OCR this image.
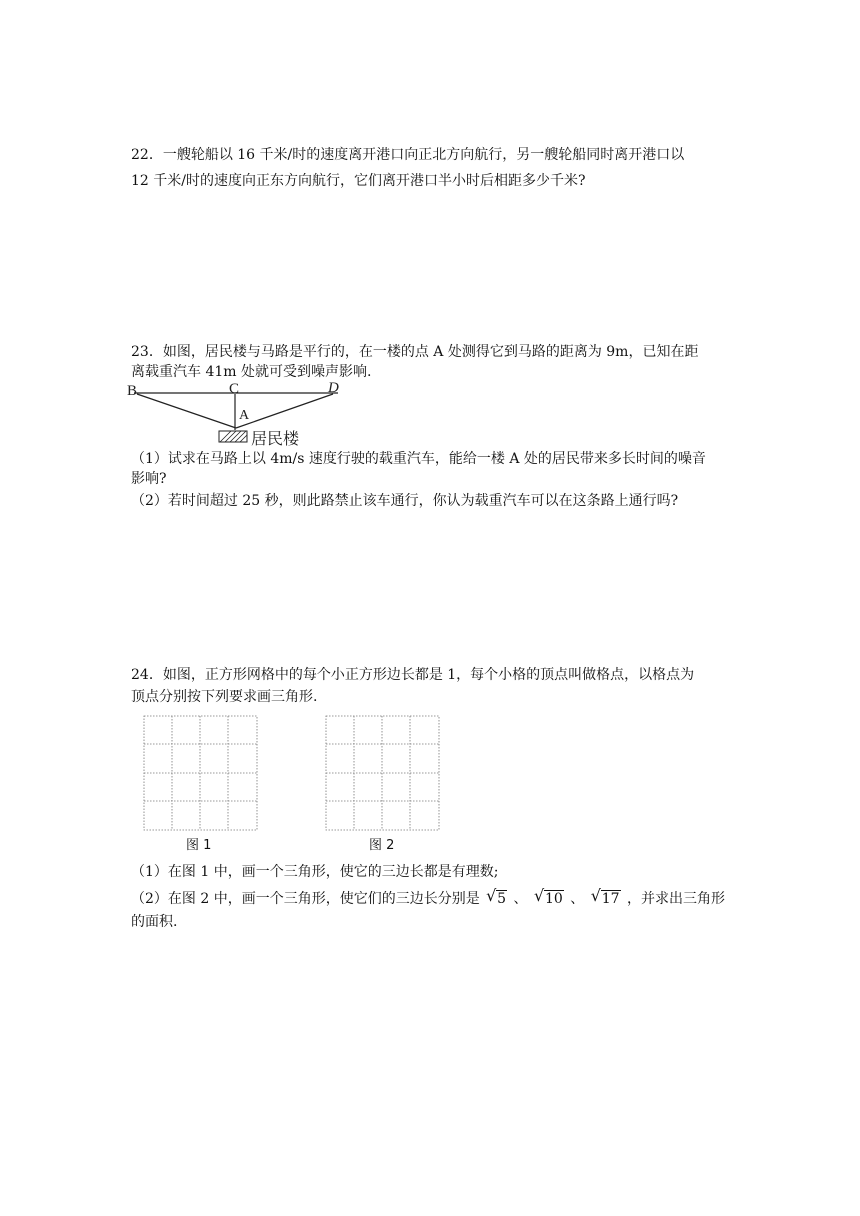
22．一艘轮船以 16 千米/时的速度离开港口向正北方向航行，另一艘轮船同时离开港口以
12 千米/时的速度向正东方向航行，它们离开港口半小时后相距多少千米?
23．如图，居民楼与马路是平行的，在一楼的点 A 处测得它到马路的距离为 9m，已知在距
离载重汽车 41m 处就可受到噪声影响.
B	C	D
A
居民楼
（1）试求在马路上以 4m/s 速度行驶的载重汽车，能给一楼 A 处的居民带来多长时间的噪音
影响?
（2）若时间超过 25 秒，则此路禁止该车通行，你认为载重汽车可以在这条路上通行吗?
24．如图，正方形网格中的每个小正方形边长都是 1，每个小格的顶点叫做格点，以格点为
顶点分别按下列要求画三角形.
图 1	图 2
（1）在图 1 中，画一个三角形，使它的三边长都是有理数;
（2）在图 2 中，画一个三角形，使它们的三边长分别是 √ 5 、 √ 10 、 √ 17 ，并求出三角形
的面积.
